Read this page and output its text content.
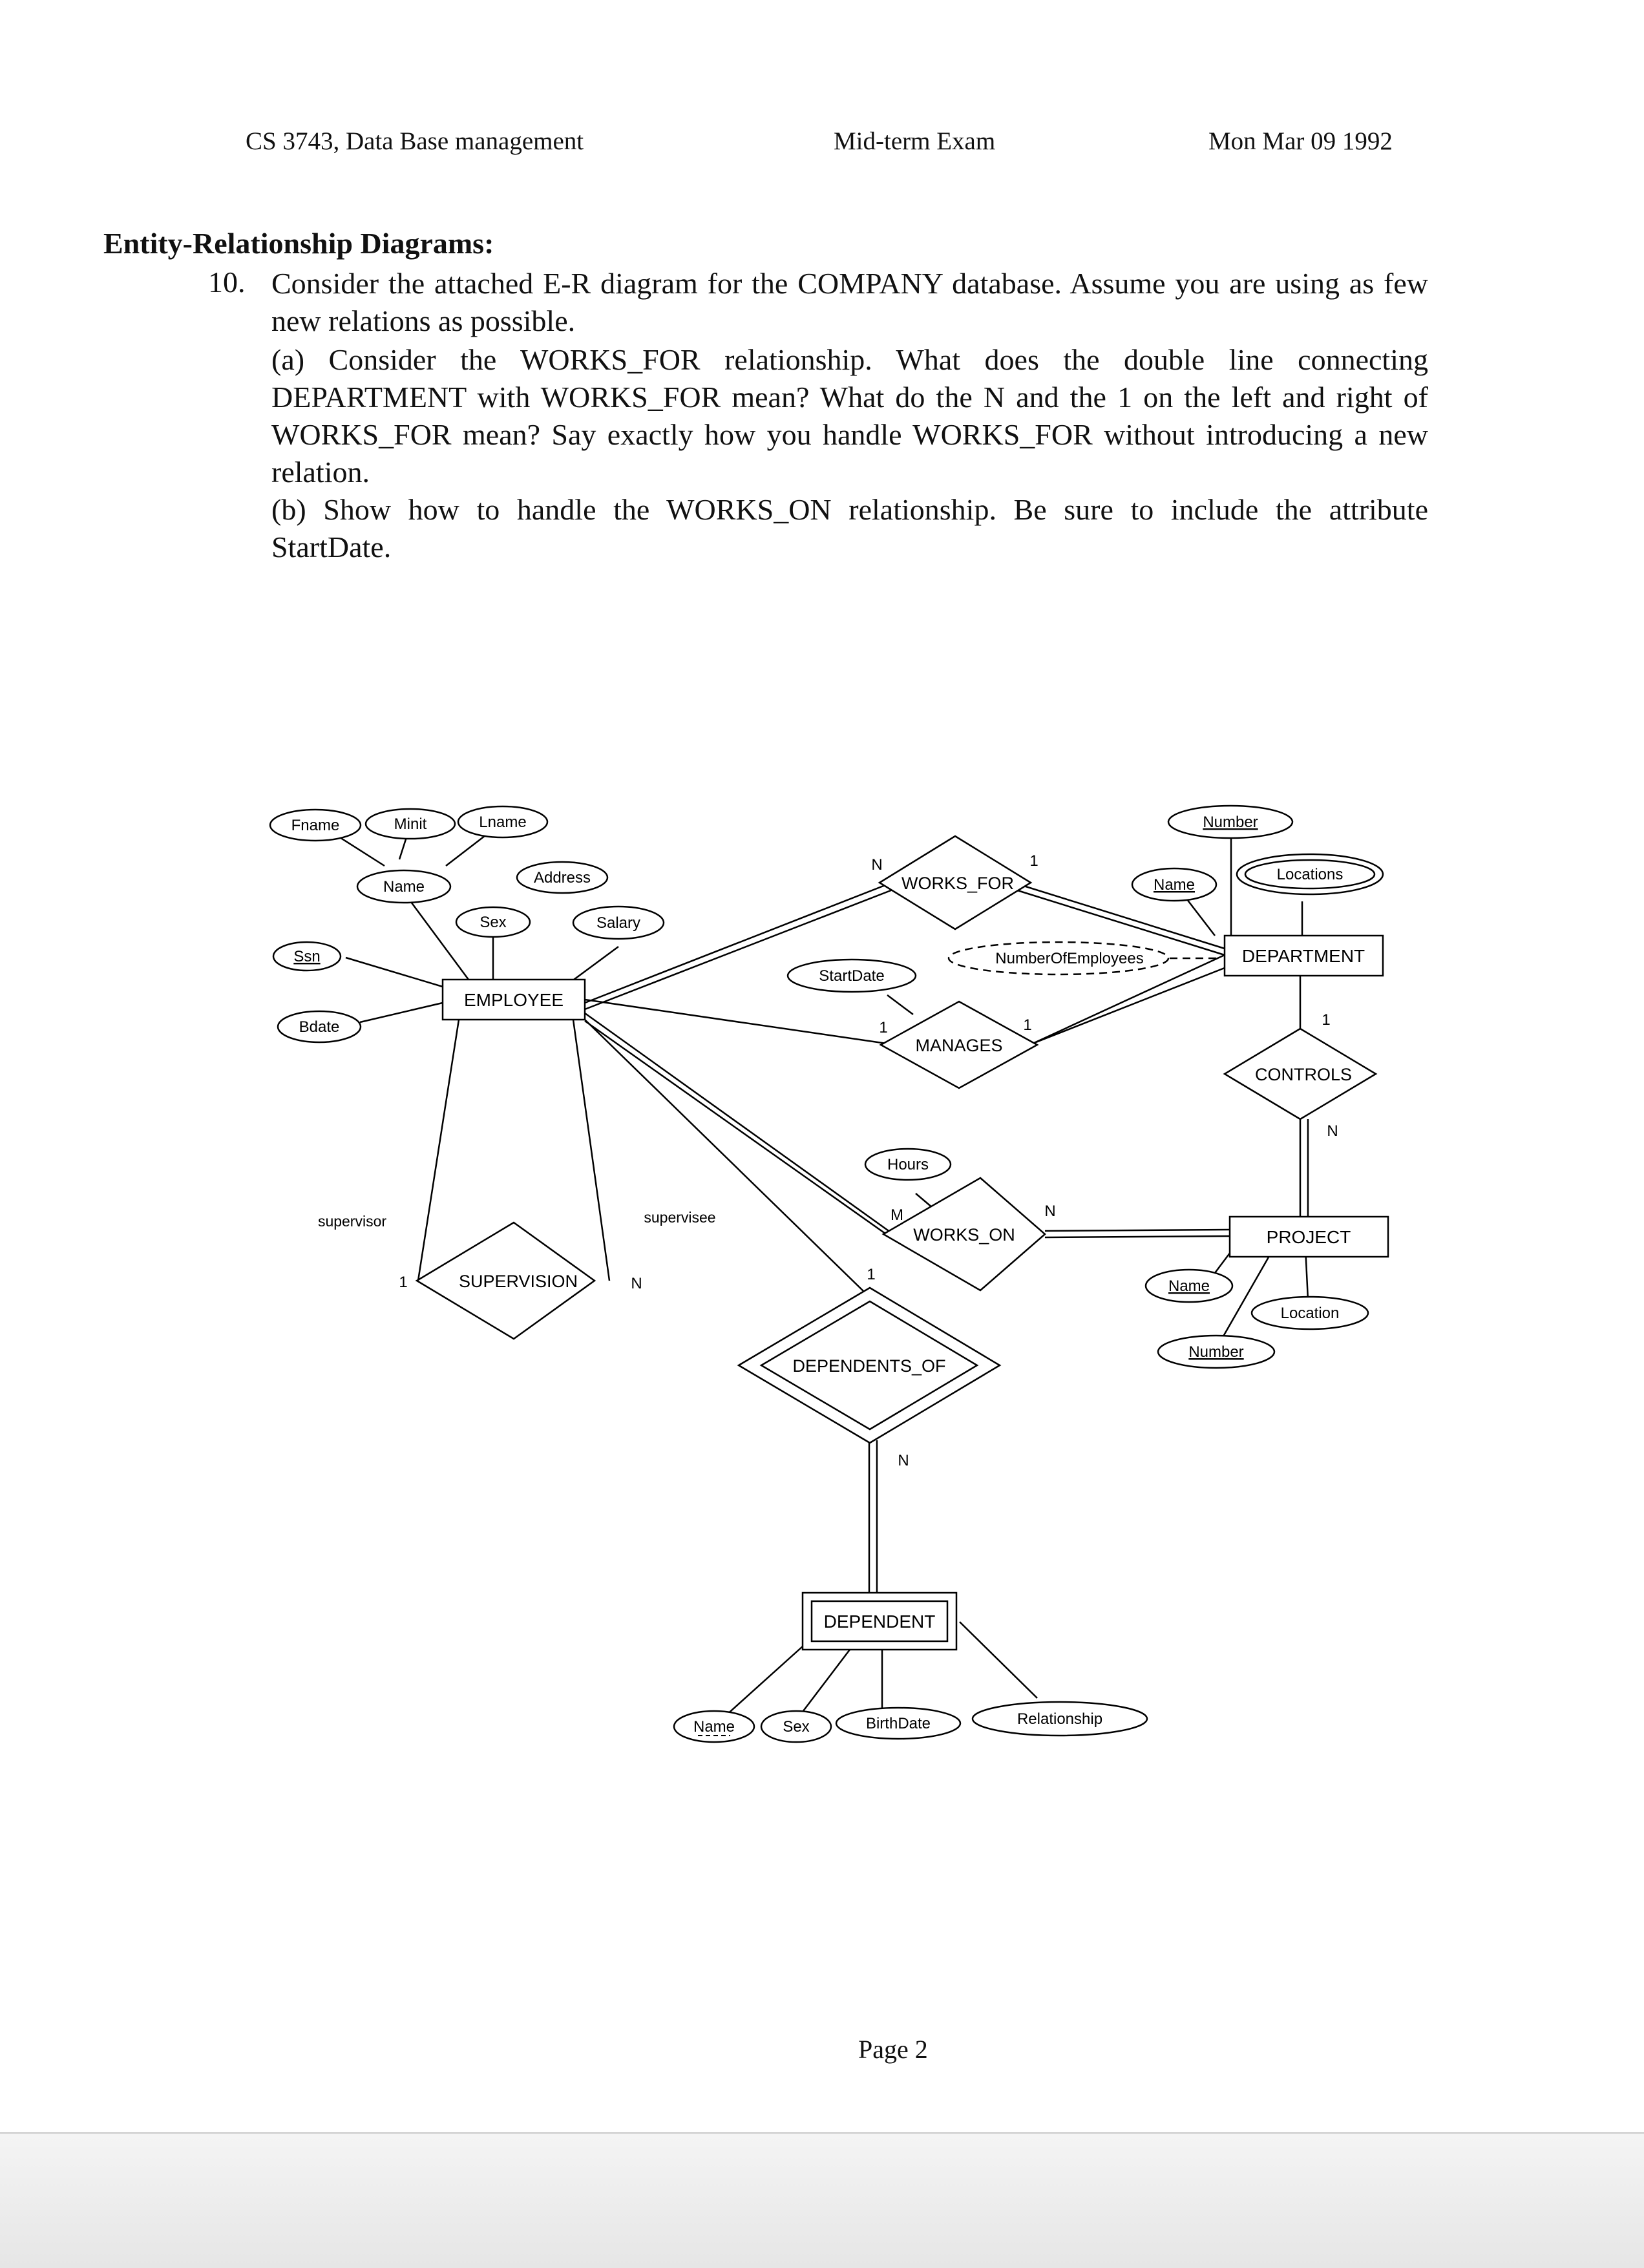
CS 3743, Data Base management	Mid-term Exam	Mon Mar 09 1992
Entity-Relationship Diagrams:
10. Consider the attached E-R diagram for the COMPANY database. Assume you are using as few new relations as possible.
(a) Consider the WORKS_FOR relationship. What does the double line connecting DEPARTMENT with WORKS_FOR mean? What do the N and the 1 on the left and right of WORKS_FOR mean? Say exactly how you handle WORKS_FOR without introducing a new relation.
(b) Show how to handle the WORKS_ON relationship. Be sure to include the attribute StartDate.
WORKS_FOR
MANAGES
WORKS_ON
CONTROLS
SUPERVISION
DEPENDENTS_OF
EMPLOYEE
DEPARTMENT
PROJECT
DEPENDENT
Fname	Minit	Lname
Name
Address
Sex	Salary
Ssn
Bdate
StartDate
NumberOfEmployees
Number
Name
Locations
Hours
Name
Number
Location
Name	Sex	BirthDate	Relationship
supervisor	supervisee
N	1
1	1	1
N
M	N
1	N
1
N
Page 2
